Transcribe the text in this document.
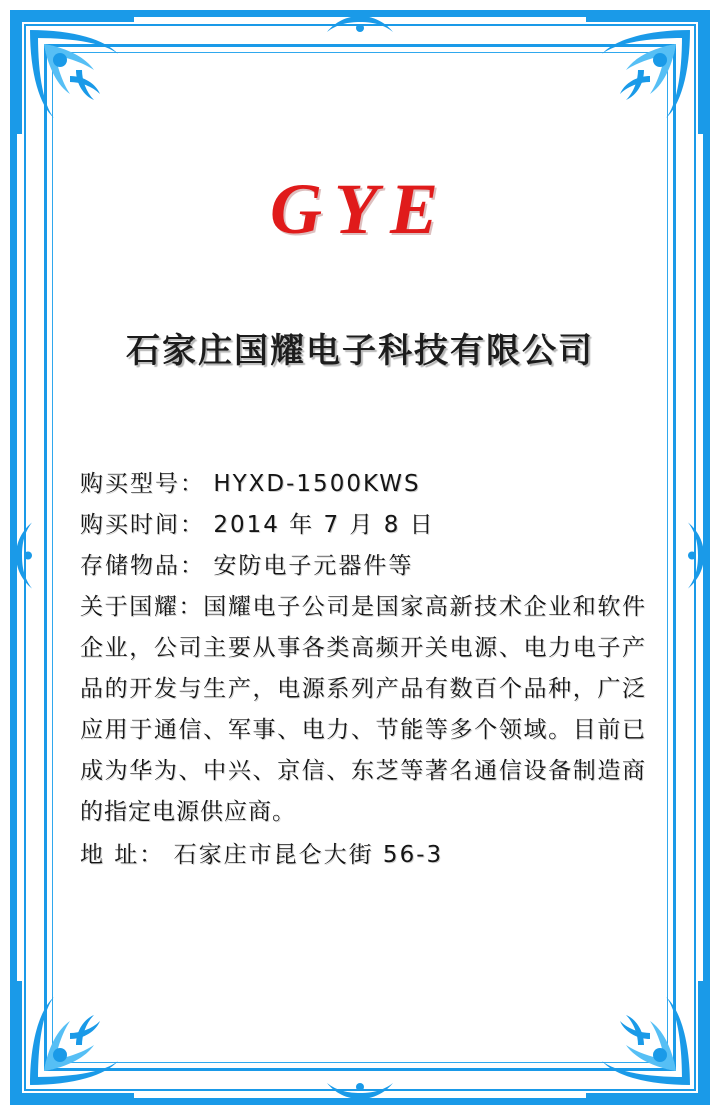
GYE
石家庄国耀电子科技有限公司
购买型号： HYXD-1500KWS
购买时间： 2014 年 7 月 8 日
存储物品： 安防电子元器件等
关于国耀：国耀电子公司是国家高新技术企业和软件企业，公司主要从事各类高频开关电源、电力电子产品的开发与生产，电源系列产品有数百个品种，广泛应用于通信、军事、电力、节能等多个领域。目前已成为华为、中兴、京信、东芝等著名通信设备制造商的指定电源供应商。
地 址： 石家庄市昆仑大街 56-3
